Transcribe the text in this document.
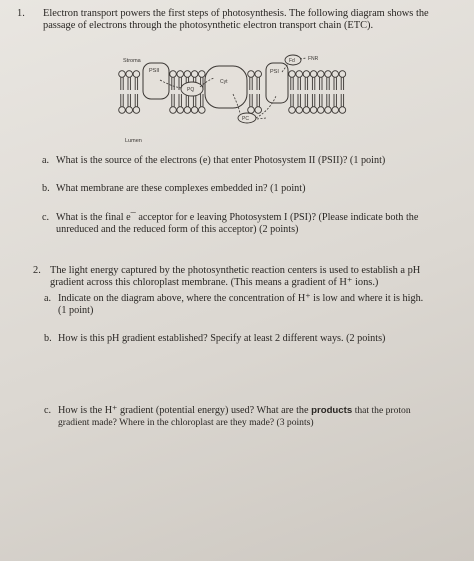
1. Electron transport powers the first steps of photosynthesis. The following diagram shows the
passage of electrons through the photosynthetic electron transport chain (ETC).
PSII
PQ
Cyt
PSI
Fd	FNR
PC
Stroma
Lumen
a. What is the source of the electrons (e) that enter Photosystem II (PSII)? (1 point)
b. What membrane are these complexes embedded in? (1 point)
c. What is the final e¯ acceptor for e leaving Photosystem I (PSI)? (Please indicate both the
unreduced and the reduced form of this acceptor) (2 points)
2. The light energy captured by the photosynthetic reaction centers is used to establish a pH
gradient across this chloroplast membrane. (This means a gradient of H⁺ ions.)
a. Indicate on the diagram above, where the concentration of H⁺ is low and where it is high.
(1 point)
b. How is this pH gradient established? Specify at least 2 different ways. (2 points)
c. How is the H⁺ gradient (potential energy) used? What are the products that the proton
gradient made? Where in the chloroplast are they made? (3 points)
